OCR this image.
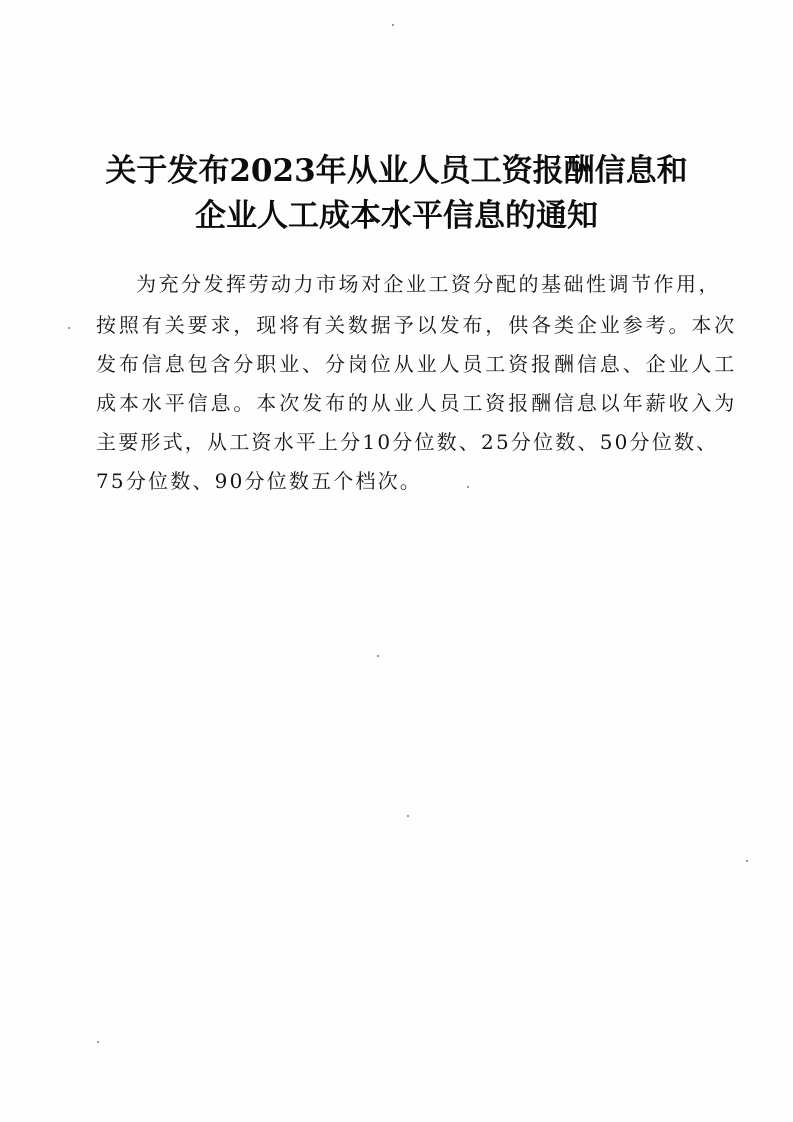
关于发布2023年从业人员工资报酬信息和
企业人工成本水平信息的通知
为充分发挥劳动力市场对企业工资分配的基础性调节作用，
按照有关要求，现将有关数据予以发布，供各类企业参考。本次
发布信息包含分职业、分岗位从业人员工资报酬信息、企业人工
成本水平信息。本次发布的从业人员工资报酬信息以年薪收入为
主要形式，从工资水平上分10分位数、25分位数、50分位数、
75分位数、90分位数五个档次。
